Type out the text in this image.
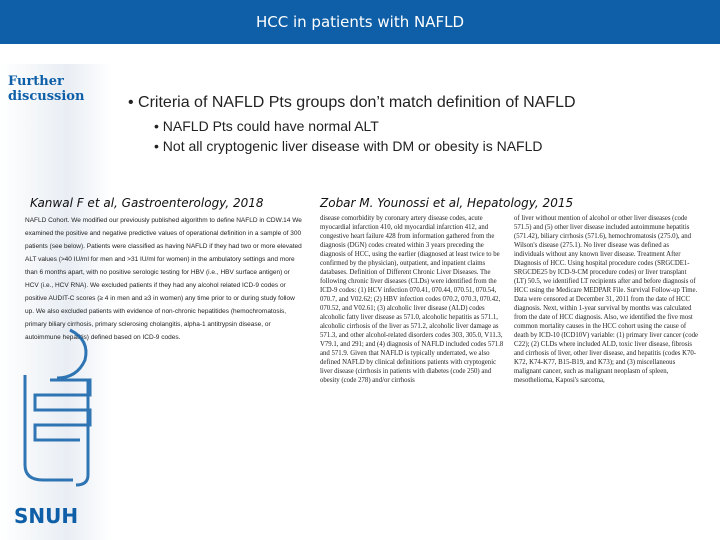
HCC in patients with NAFLD
Further discussion	• Criteria of NAFLD Pts groups don’t match definition of NAFLD
• NAFLD Pts could have normal ALT
• Not all cryptogenic liver disease with DM or obesity is NAFLD
Kanwal F et al, Gastroenterology, 2018	Zobar M. Younossi et al, Hepatology, 2015
NAFLD Cohort. We modified our previously published algorithm to define NAFLD in CDW.14 We examined the positive and negative predictive values of operational definition in a sample of 300 patients (see below). Patients were classified as having NAFLD if they had two or more elevated ALT values (>40 IU/ml for men and >31 IU/ml for women) in the ambulatory settings and more than 6 months apart, with no positive serologic testing for HBV (i.e., HBV surface antigen) or HCV (i.e., HCV RNA). We excluded patients if they had any alcohol related ICD-9 codes or positive AUDIT-C scores (≥ 4 in men and ≥3 in women) any time prior to or during study follow up. We also excluded patients with evidence of non-chronic hepatitides (hemochromatosis, primary biliary cirrhosis, primary sclerosing cholangitis, alpha-1 antitrypsin disease, or autoimmune hepatitis) defined based on ICD-9 codes.
disease comorbidity by coronary artery disease codes, acute myocardial infarction 410, old myocardial infarction 412, and congestive heart failure 428 from information gathered from the diagnosis (DGN) codes created within 3 years preceding the diagnosis of HCC, using the earlier (diagnosed at least twice to be confirmed by the physician), outpatient, and inpatient claims databases. Definition of Different Chronic Liver Diseases. The following chronic liver diseases (CLDs) were identified from the ICD-9 codes: (1) HCV infection 070.41, 070.44, 070.51, 070.54, 070.7, and V02.62; (2) HBV infection codes 070.2, 070.3, 070.42, 070.52, and V02.61; (3) alcoholic liver disease (ALD) codes alcoholic fatty liver disease as 571.0, alcoholic hepatitis as 571.1, alcoholic cirrhosis of the liver as 571.2, alcoholic liver damage as 571.3, and other alcohol-related disorders codes 303, 305.0, V11.3, V79.1, and 291; and (4) diagnosis of NAFLD included codes 571.8 and 571.9. Given that NAFLD is typically underrated, we also defined NAFLD by clinical definitions patients with cryptogenic liver disease (cirrhosis in patients with diabetes (code 250) and obesity (code 278) and/or cirrhosis
of liver without mention of alcohol or other liver diseases (code 571.5) and (5) other liver disease included autoimmune hepatitis (571.42), biliary cirrhosis (571.6), hemochromatosis (275.0), and Wilson's disease (275.1). No liver disease was defined as individuals without any known liver disease. Treatment After Diagnosis of HCC. Using hospital procedure codes (SRGCDE1-SRGCDE25 by ICD-9-CM procedure codes) or liver transplant (LT) 50.5, we identified LT recipients after and before diagnosis of HCC using the Medicare MEDPAR File. Survival Follow-up Time. Data were censored at December 31, 2011 from the date of HCC diagnosis. Next, within 1-year survival by months was calculated from the date of HCC diagnosis. Also, we identified the five most common mortality causes in the HCC cohort using the cause of death by ICD-10 (ICD10V) variable: (1) primary liver cancer (code C22); (2) CLDs where included ALD, toxic liver disease, fibrosis and cirrhosis of liver, other liver disease, and hepatitis (codes K70-K72, K74-K77, B15-B19, and K73); and (3) miscellaneous malignant cancer, such as malignant neoplasm of spleen, mesothelioma, Kaposi's sarcoma,
SNUH
